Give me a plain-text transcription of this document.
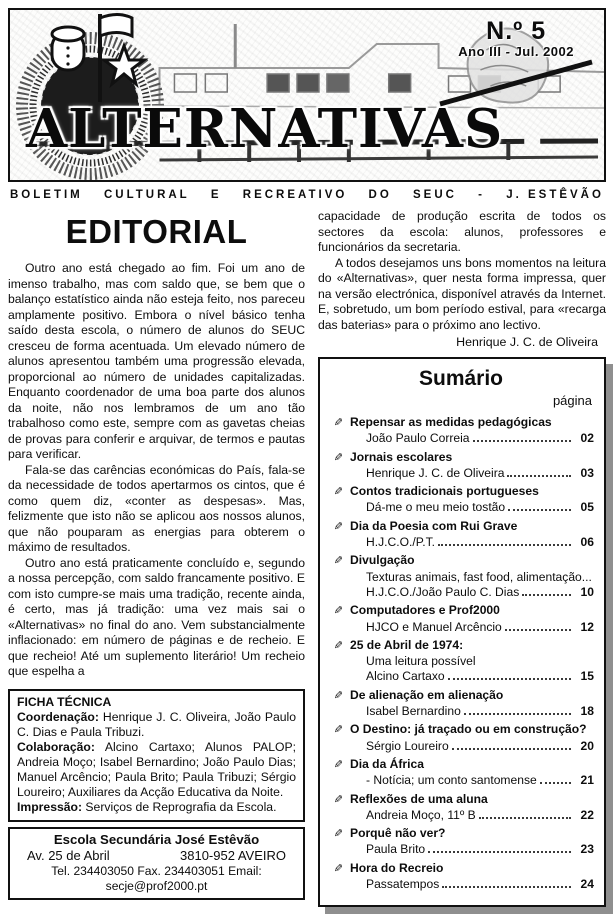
ALTERNATIVAS
N.º 5
Ano III - Jul. 2002
BOLETIM CULTURAL E RECREATIVO DO SEUC - J. ESTÊVÃO
EDITORIAL

Outro ano está chegado ao fim. Foi um ano de imenso trabalho, mas com saldo que, se bem que o balanço estatístico ainda não esteja feito, nos pareceu amplamente positivo. Embora o nível básico tenha saído desta escola, o número de alunos do SEUC cresceu de forma acentuada. Um elevado número de alunos apresentou também uma progressão elevada, proporcional ao número de unidades capitalizadas. Enquanto coordenador de uma boa parte dos alunos da noite, não nos lembramos de um ano tão trabalhoso como este, sempre com as gavetas cheias de provas para conferir e arquivar, de termos e pautas para verificar.

Fala-se das carências económicas do País, fala-se da necessidade de todos apertarmos os cintos, que é como quem diz, «conter as despesas». Mas, felizmente que isto não se aplicou aos nossos alunos, que não pouparam as energias para obterem o máximo de resultados.

Outro ano está praticamente concluído e, segundo a nossa percepção, com saldo francamente positivo. E com isto cumpre-se mais uma tradição, recente ainda, é certo, mas já tradição: uma vez mais sai o «Alternativas» no final do ano. Vem substancialmente inflacionado: em número de páginas e de recheio. E que recheio! Até um suplemento literário! Um recheio que espelha a

FICHA TÉCNICA

Coordenação: Henrique J. C. Oliveira, João Paulo C. Dias e Paula Tribuzi.

Colaboração: Alcino Cartaxo; Alunos PALOP; Andreia Moço; Isabel Bernardino; João Paulo Dias; Manuel Arcêncio; Paula Brito; Paula Tribuzi; Sérgio Loureiro; Auxiliares da Acção Educativa da Noite.

Impressão: Serviços de Reprografia da Escola.

Escola Secundária José Estêvão
Av. 25 de Abril	3810-952 AVEIRO
Tel. 234403050 Fax. 234403051 Email: secje@prof2000.pt

capacidade de produção escrita de todos os sectores da escola: alunos, professores e funcionários da secretaria.

A todos desejamos uns bons momentos na leitura do «Alternativas», quer nesta forma impressa, quer na versão electrónica, disponível através da Internet. E, sobretudo, um bom período estival, para «recarga das baterias» para o próximo ano lectivo.

Henrique J. C. de Oliveira
Sumário
página
✎ Repensar as medidas pedagógicas
João Paulo Correia	02
✎ Jornais escolares
Henrique J. C. de Oliveira	03
✎ Contos tradicionais portugueses
Dá-me o meu meio tostão	05
✎ Dia da Poesia com Rui Grave
H.J.C.O./P.T.	06
✎ Divulgação
Texturas animais, fast food, alimentação...
H.J.C.O./João Paulo C. Dias	10
✎ Computadores e Prof2000
HJCO e Manuel Arcêncio	12
✎ 25 de Abril de 1974:
Uma leitura possível
Alcino Cartaxo	15
✎ De alienação em alienação
Isabel Bernardino	18
✎ O Destino: já traçado ou em construção?
Sérgio Loureiro	20
✎ Dia da África
- Notícia; um conto santomense	21
✎ Reflexões de uma aluna
Andreia Moço, 11º B	22
✎ Porquê não ver?
Paula Brito	23
✎ Hora do Recreio
Passatempos	24
